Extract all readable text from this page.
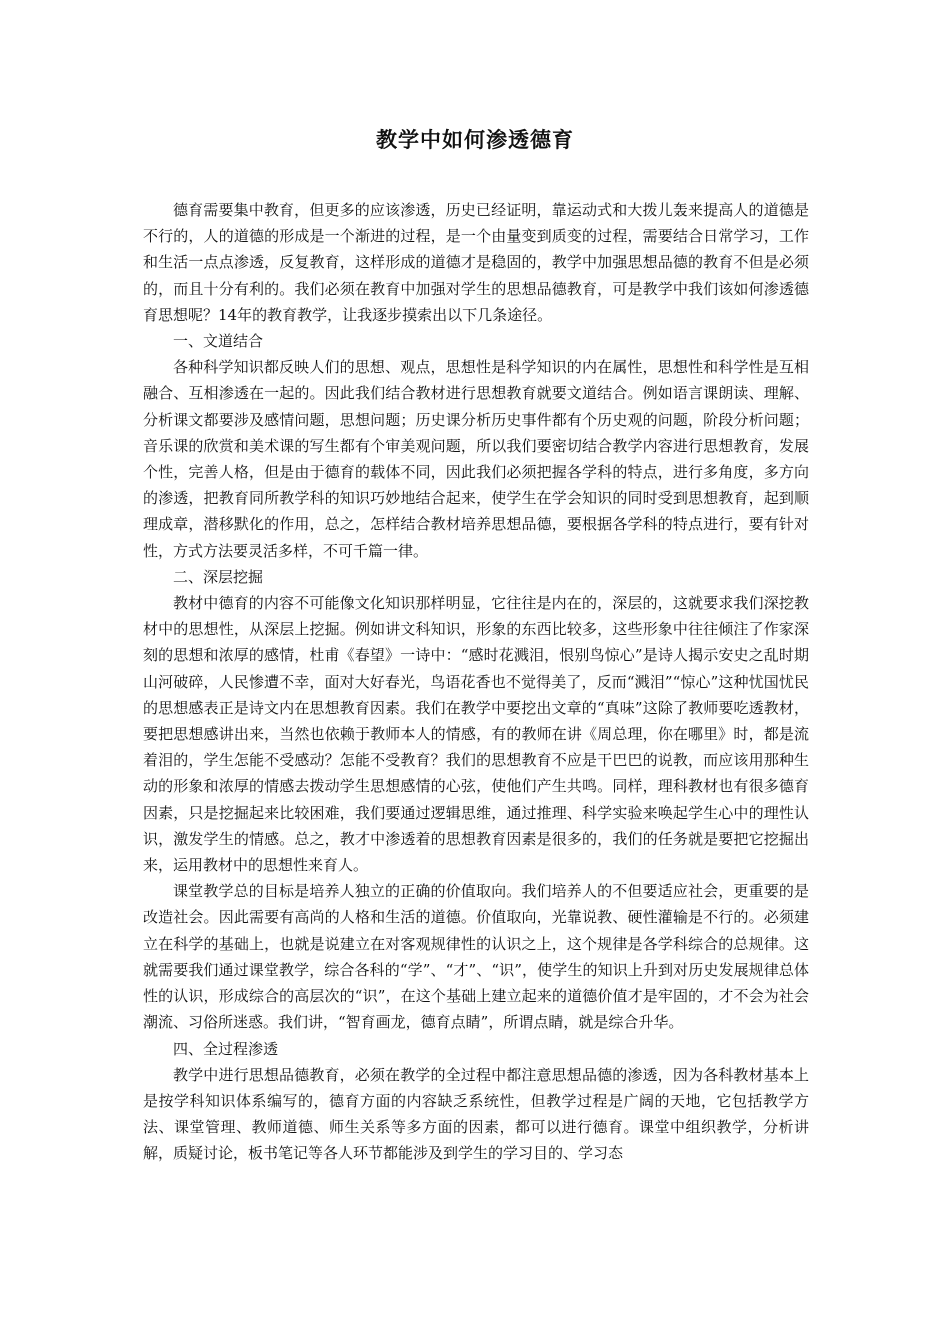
教学中如何渗透德育

德育需要集中教育，但更多的应该渗透，历史已经证明，靠运动式和大拨儿轰来提高人的道德是不行的，人的道德的形成是一个渐进的过程，是一个由量变到质变的过程，需要结合日常学习，工作和生活一点点渗透，反复教育，这样形成的道德才是稳固的，教学中加强思想品德的教育不但是必须的，而且十分有利的。我们必须在教育中加强对学生的思想品德教育，可是教学中我们该如何渗透德育思想呢？14年的教育教学，让我逐步摸索出以下几条途径。

一、文道结合

各种科学知识都反映人们的思想、观点，思想性是科学知识的内在属性，思想性和科学性是互相融合、互相渗透在一起的。因此我们结合教材进行思想教育就要文道结合。例如语言课朗读、理解、分析课文都要涉及感情问题，思想问题；历史课分析历史事件都有个历史观的问题，阶段分析问题；音乐课的欣赏和美术课的写生都有个审美观问题，所以我们要密切结合教学内容进行思想教育，发展个性，完善人格，但是由于德育的载体不同，因此我们必须把握各学科的特点，进行多角度，多方向的渗透，把教育同所教学科的知识巧妙地结合起来，使学生在学会知识的同时受到思想教育，起到顺理成章，潜移默化的作用，总之，怎样结合教材培养思想品德，要根据各学科的特点进行，要有针对性，方式方法要灵活多样，不可千篇一律。

二、深层挖掘

教材中德育的内容不可能像文化知识那样明显，它往往是内在的，深层的，这就要求我们深挖教材中的思想性，从深层上挖掘。例如讲文科知识，形象的东西比较多，这些形象中往往倾注了作家深刻的思想和浓厚的感情，杜甫《春望》一诗中：“感时花溅泪，恨别鸟惊心”是诗人揭示安史之乱时期山河破碎，人民惨遭不幸，面对大好春光，鸟语花香也不觉得美了，反而“溅泪”“惊心”这种忧国忧民的思想感表正是诗文内在思想教育因素。我们在教学中要挖出文章的“真味”这除了教师要吃透教材，要把思想感讲出来，当然也依赖于教师本人的情感，有的教师在讲《周总理，你在哪里》时，都是流着泪的，学生怎能不受感动？怎能不受教育？我们的思想教育不应是干巴巴的说教，而应该用那种生动的形象和浓厚的情感去拨动学生思想感情的心弦，使他们产生共鸣。同样，理科教材也有很多德育因素，只是挖掘起来比较困难，我们要通过逻辑思维，通过推理、科学实验来唤起学生心中的理性认识，激发学生的情感。总之，教才中渗透着的思想教育因素是很多的，我们的任务就是要把它挖掘出来，运用教材中的思想性来育人。

课堂教学总的目标是培养人独立的正确的价值取向。我们培养人的不但要适应社会，更重要的是改造社会。因此需要有高尚的人格和生活的道德。价值取向，光靠说教、硬性灌输是不行的。必须建立在科学的基础上，也就是说建立在对客观规律性的认识之上，这个规律是各学科综合的总规律。这就需要我们通过课堂教学，综合各科的“学”、“才”、“识”，使学生的知识上升到对历史发展规律总体性的认识，形成综合的高层次的“识”，在这个基础上建立起来的道德价值才是牢固的，才不会为社会潮流、习俗所迷惑。我们讲，“智育画龙，德育点睛”，所谓点睛，就是综合升华。

四、全过程渗透

教学中进行思想品德教育，必须在教学的全过程中都注意思想品德的渗透，因为各科教材基本上是按学科知识体系编写的，德育方面的内容缺乏系统性，但教学过程是广阔的天地，它包括教学方法、课堂管理、教师道德、师生关系等多方面的因素，都可以进行德育。课堂中组织教学，分析讲解，质疑讨论，板书笔记等各人环节都能涉及到学生的学习目的、学习态
